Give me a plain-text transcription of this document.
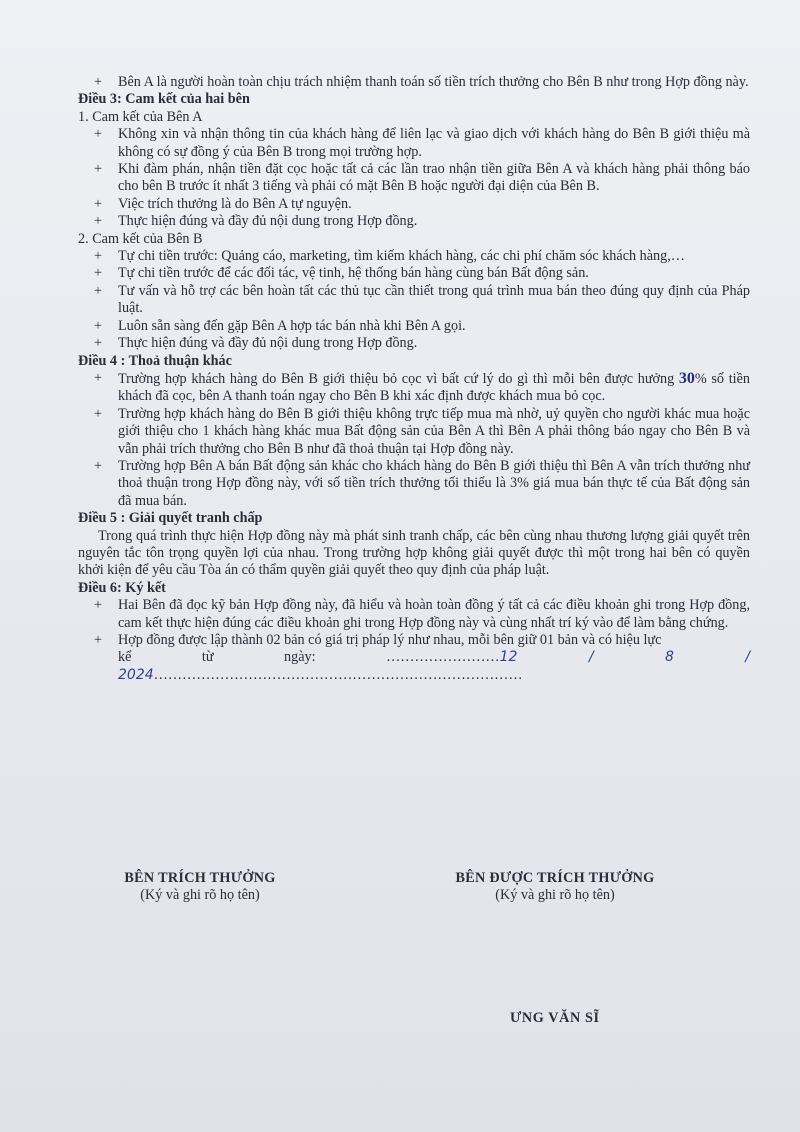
+ Bên A là người hoàn toàn chịu trách nhiệm thanh toán số tiền trích thưởng cho Bên B như trong Hợp đồng này.
Điều 3: Cam kết của hai bên
1. Cam kết của Bên A
+ Không xin và nhận thông tin của khách hàng để liên lạc và giao dịch với khách hàng do Bên B giới thiệu mà không có sự đồng ý của Bên B trong mọi trường hợp.
+ Khi đàm phán, nhận tiền đặt cọc hoặc tất cả các lần trao nhận tiền giữa Bên A và khách hàng phải thông báo cho bên B trước ít nhất 3 tiếng và phải có mặt Bên B hoặc người đại diện của Bên B.
+ Việc trích thưởng là do Bên A tự nguyện.
+ Thực hiện đúng và đầy đủ nội dung trong Hợp đồng.
2. Cam kết của Bên B
+ Tự chi tiền trước: Quảng cáo, marketing, tìm kiếm khách hàng, các chi phí chăm sóc khách hàng,…
+ Tự chi tiền trước để các đối tác, vệ tinh, hệ thống bán hàng cùng bán Bất động sản.
+ Tư vấn và hỗ trợ các bên hoàn tất các thủ tục cần thiết trong quá trình mua bán theo đúng quy định của Pháp luật.
+ Luôn sẵn sàng đến gặp Bên A hợp tác bán nhà khi Bên A gọi.
+ Thực hiện đúng và đầy đủ nội dung trong Hợp đồng.
Điều 4 : Thoả thuận khác
+ Trường hợp khách hàng do Bên B giới thiệu bỏ cọc vì bất cứ lý do gì thì mỗi bên được hưởng 30% số tiền khách đã cọc, bên A thanh toán ngay cho Bên B khi xác định được khách mua bỏ cọc.
+ Trường hợp khách hàng do Bên B giới thiệu không trực tiếp mua mà nhờ, uỷ quyền cho người khác mua hoặc giới thiệu cho 1 khách hàng khác mua Bất động sản của Bên A thì Bên A phải thông báo ngay cho Bên B và vẫn phải trích thưởng cho Bên B như đã thoả thuận tại Hợp đồng này.
+ Trường hợp Bên A bán Bất động sản khác cho khách hàng do Bên B giới thiệu thì Bên A vẫn trích thưởng như thoả thuận trong Hợp đồng này, với số tiền trích thưởng tối thiểu là 3% giá mua bán thực tế của Bất động sản đã mua bán.
Điều 5 : Giải quyết tranh chấp
Trong quá trình thực hiện Hợp đồng này mà phát sinh tranh chấp, các bên cùng nhau thương lượng giải quyết trên nguyên tắc tôn trọng quyền lợi của nhau. Trong trường hợp không giải quyết được thì một trong hai bên có quyền khởi kiện để yêu cầu Tòa án có thẩm quyền giải quyết theo quy định của pháp luật.
Điều 6: Ký kết
+ Hai Bên đã đọc kỹ bản Hợp đồng này, đã hiểu và hoàn toàn đồng ý tất cả các điều khoản ghi trong Hợp đồng, cam kết thực hiện đúng các điều khoản ghi trong Hợp đồng này và cùng nhất trí ký vào để làm bằng chứng.
+ Hợp đồng được lập thành 02 bản có giá trị pháp lý như nhau, mỗi bên giữ 01 bản và có hiệu lực
kể từ ngày: ……………………12 / 8 / 2024……………………………………………………………………
BÊN TRÍCH THƯỞNG
(Ký và ghi rõ họ tên)
BÊN ĐƯỢC TRÍCH THƯỞNG
(Ký và ghi rõ họ tên)
ƯNG VĂN SĨ
